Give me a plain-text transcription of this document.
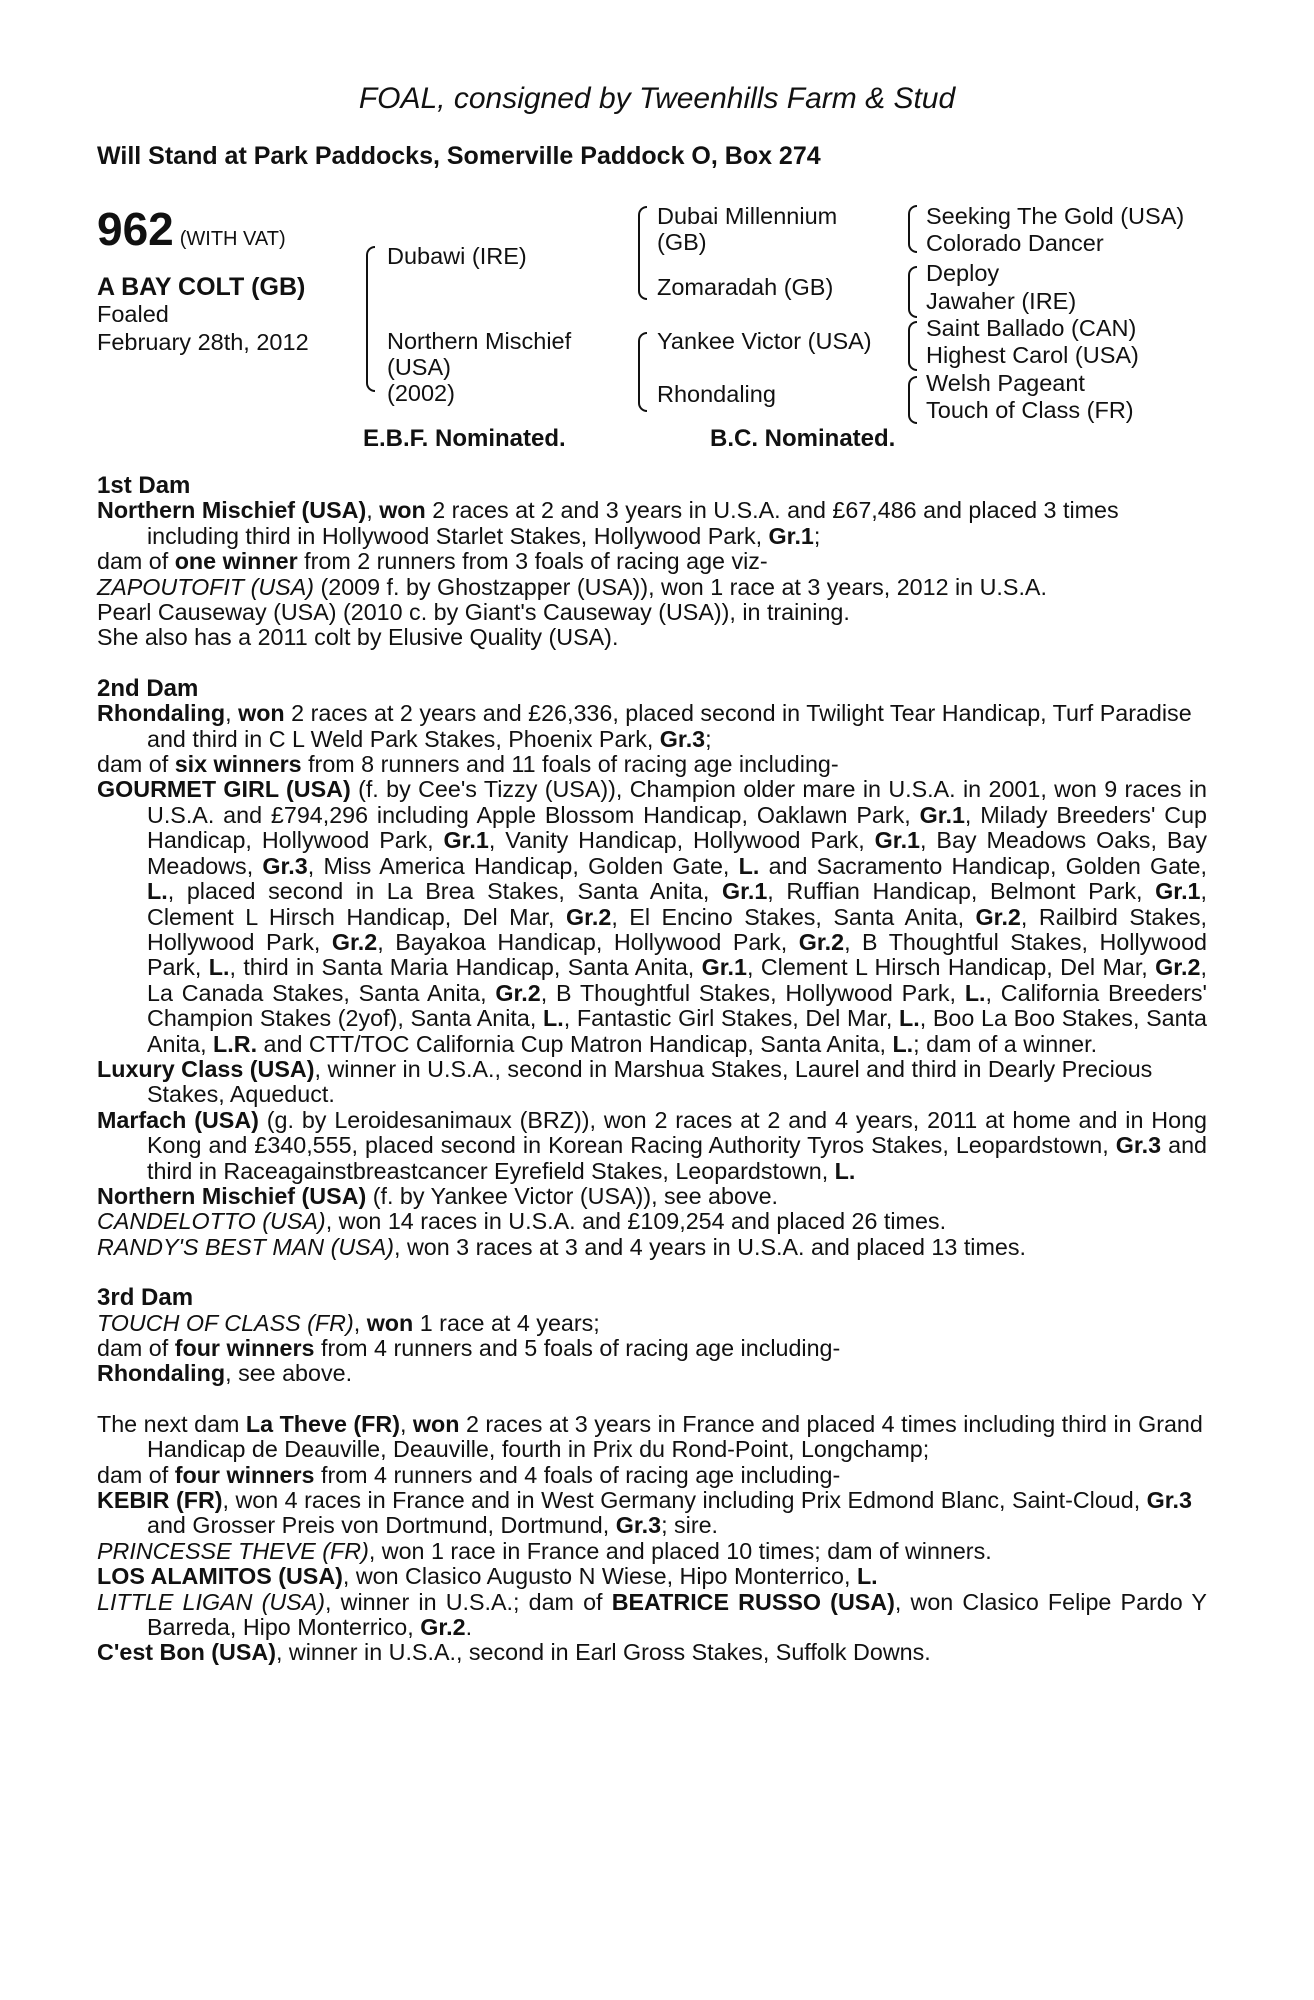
FOAL, consigned by Tweenhills Farm & Stud
Will Stand at Park Paddocks, Somerville Paddock O, Box 274
962 (WITH VAT)
A BAY COLT (GB)
Foaled
February 28th, 2012
Dubawi (IRE)
Northern Mischief
(USA)
(2002)
Dubai Millennium
(GB)
Zomaradah (GB)
Yankee Victor (USA)
Rhondaling
Seeking The Gold (USA)
Colorado Dancer
Deploy
Jawaher (IRE)
Saint Ballado (CAN)
Highest Carol (USA)
Welsh Pageant
Touch of Class (FR)
E.B.F. Nominated.	B.C. Nominated.
1st Dam

Northern Mischief (USA), won 2 races at 2 and 3 years in U.S.A. and £67,486 and placed 3 times including third in Hollywood Starlet Stakes, Hollywood Park, Gr.1;

dam of one winner from 2 runners from 3 foals of racing age viz-

ZAPOUTOFIT (USA) (2009 f. by Ghostzapper (USA)), won 1 race at 3 years, 2012 in U.S.A.

Pearl Causeway (USA) (2010 c. by Giant's Causeway (USA)), in training.

She also has a 2011 colt by Elusive Quality (USA).

2nd Dam

Rhondaling, won 2 races at 2 years and £26,336, placed second in Twilight Tear Handicap, Turf Paradise and third in C L Weld Park Stakes, Phoenix Park, Gr.3;

dam of six winners from 8 runners and 11 foals of racing age including-

GOURMET GIRL (USA) (f. by Cee's Tizzy (USA)), Champion older mare in U.S.A. in 2001, won 9 races in U.S.A. and £794,296 including Apple Blossom Handicap, Oaklawn Park, Gr.1, Milady Breeders' Cup Handicap, Hollywood Park, Gr.1, Vanity Handicap, Hollywood Park, Gr.1, Bay Meadows Oaks, Bay Meadows, Gr.3, Miss America Handicap, Golden Gate, L. and Sacramento Handicap, Golden Gate, L., placed second in La Brea Stakes, Santa Anita, Gr.1, Ruffian Handicap, Belmont Park, Gr.1, Clement L Hirsch Handicap, Del Mar, Gr.2, El Encino Stakes, Santa Anita, Gr.2, Railbird Stakes, Hollywood Park, Gr.2, Bayakoa Handicap, Hollywood Park, Gr.2, B Thoughtful Stakes, Hollywood Park, L., third in Santa Maria Handicap, Santa Anita, Gr.1, Clement L Hirsch Handicap, Del Mar, Gr.2, La Canada Stakes, Santa Anita, Gr.2, B Thoughtful Stakes, Hollywood Park, L., California Breeders' Champion Stakes (2yof), Santa Anita, L., Fantastic Girl Stakes, Del Mar, L., Boo La Boo Stakes, Santa Anita, L.R. and CTT/TOC California Cup Matron Handicap, Santa Anita, L.; dam of a winner.

Luxury Class (USA), winner in U.S.A., second in Marshua Stakes, Laurel and third in Dearly Precious Stakes, Aqueduct.

Marfach (USA) (g. by Leroidesanimaux (BRZ)), won 2 races at 2 and 4 years, 2011 at home and in Hong Kong and £340,555, placed second in Korean Racing Authority Tyros Stakes, Leopardstown, Gr.3 and third in Raceagainstbreastcancer Eyrefield Stakes, Leopardstown, L.

Northern Mischief (USA) (f. by Yankee Victor (USA)), see above.

CANDELOTTO (USA), won 14 races in U.S.A. and £109,254 and placed 26 times.

RANDY'S BEST MAN (USA), won 3 races at 3 and 4 years in U.S.A. and placed 13 times.

3rd Dam

TOUCH OF CLASS (FR), won 1 race at 4 years;

dam of four winners from 4 runners and 5 foals of racing age including-

Rhondaling, see above.

The next dam La Theve (FR), won 2 races at 3 years in France and placed 4 times including third in Grand Handicap de Deauville, Deauville, fourth in Prix du Rond-Point, Longchamp;

dam of four winners from 4 runners and 4 foals of racing age including-

KEBIR (FR), won 4 races in France and in West Germany including Prix Edmond Blanc, Saint-Cloud, Gr.3 and Grosser Preis von Dortmund, Dortmund, Gr.3; sire.

PRINCESSE THEVE (FR), won 1 race in France and placed 10 times; dam of winners.

LOS ALAMITOS (USA), won Clasico Augusto N Wiese, Hipo Monterrico, L.

LITTLE LIGAN (USA), winner in U.S.A.; dam of BEATRICE RUSSO (USA), won Clasico Felipe Pardo Y Barreda, Hipo Monterrico, Gr.2.

C'est Bon (USA), winner in U.S.A., second in Earl Gross Stakes, Suffolk Downs.
